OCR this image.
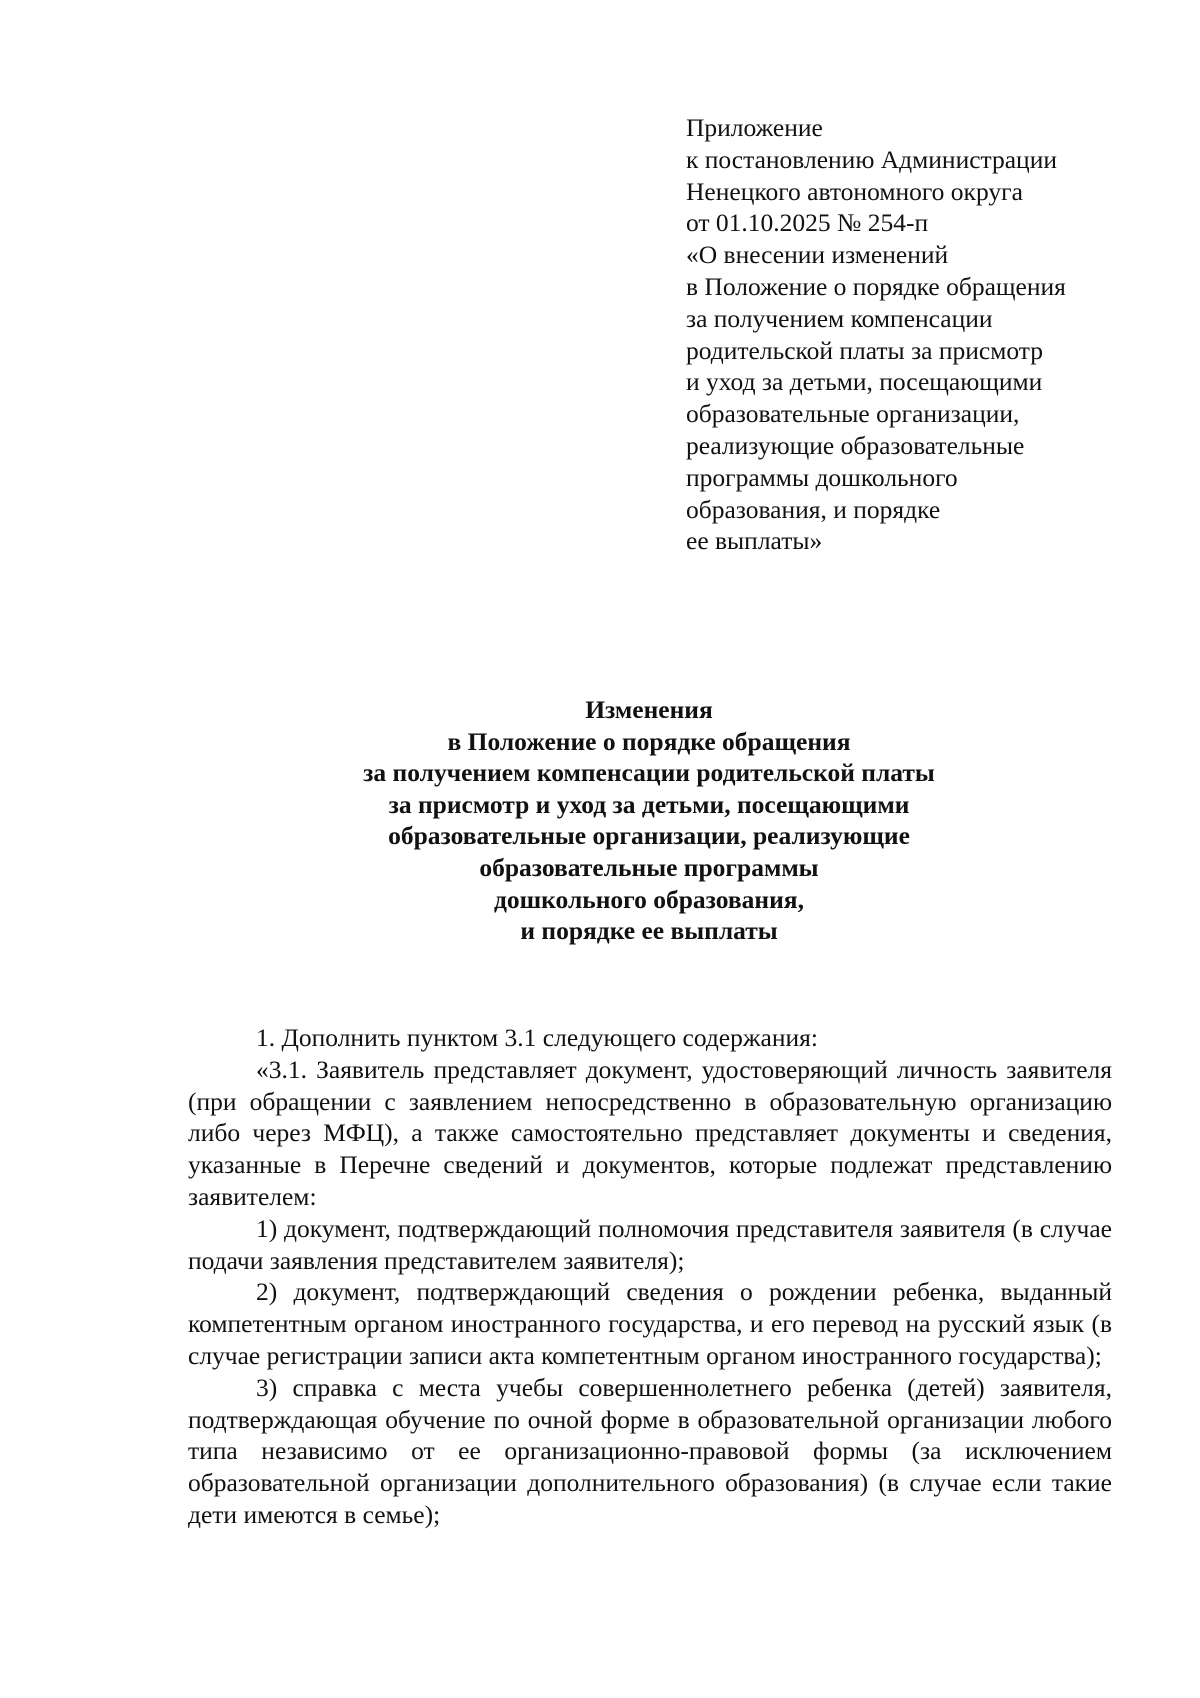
Приложение
к постановлению Администрации
Ненецкого автономного округа
от 01.10.2025 № 254-п
«О внесении изменений
в Положение о порядке обращения
за получением компенсации
родительской платы за присмотр
и уход за детьми, посещающими
образовательные организации,
реализующие образовательные
программы дошкольного
образования, и порядке
ее выплаты»
Изменения
в Положение о порядке обращения
за получением компенсации родительской платы
за присмотр и уход за детьми, посещающими
образовательные организации, реализующие
образовательные программы
дошкольного образования,
и порядке ее выплаты

1. Дополнить пунктом 3.1 следующего содержания:

«3.1. Заявитель представляет документ, удостоверяющий личность заявителя (при обращении с заявлением непосредственно в образовательную организацию либо через МФЦ), а также самостоятельно представляет документы и сведения, указанные в Перечне сведений и документов, которые подлежат представлению заявителем:

1) документ, подтверждающий полномочия представителя заявителя (в случае подачи заявления представителем заявителя);

2) документ, подтверждающий сведения о рождении ребенка, выданный компетентным органом иностранного государства, и его перевод на русский язык (в случае регистрации записи акта компетентным органом иностранного государства);

3) справка с места учебы совершеннолетнего ребенка (детей) заявителя, подтверждающая обучение по очной форме в образовательной организации любого типа независимо от ее организационно-правовой формы (за исключением образовательной организации дополнительного образования) (в случае если такие дети имеются в семье);
